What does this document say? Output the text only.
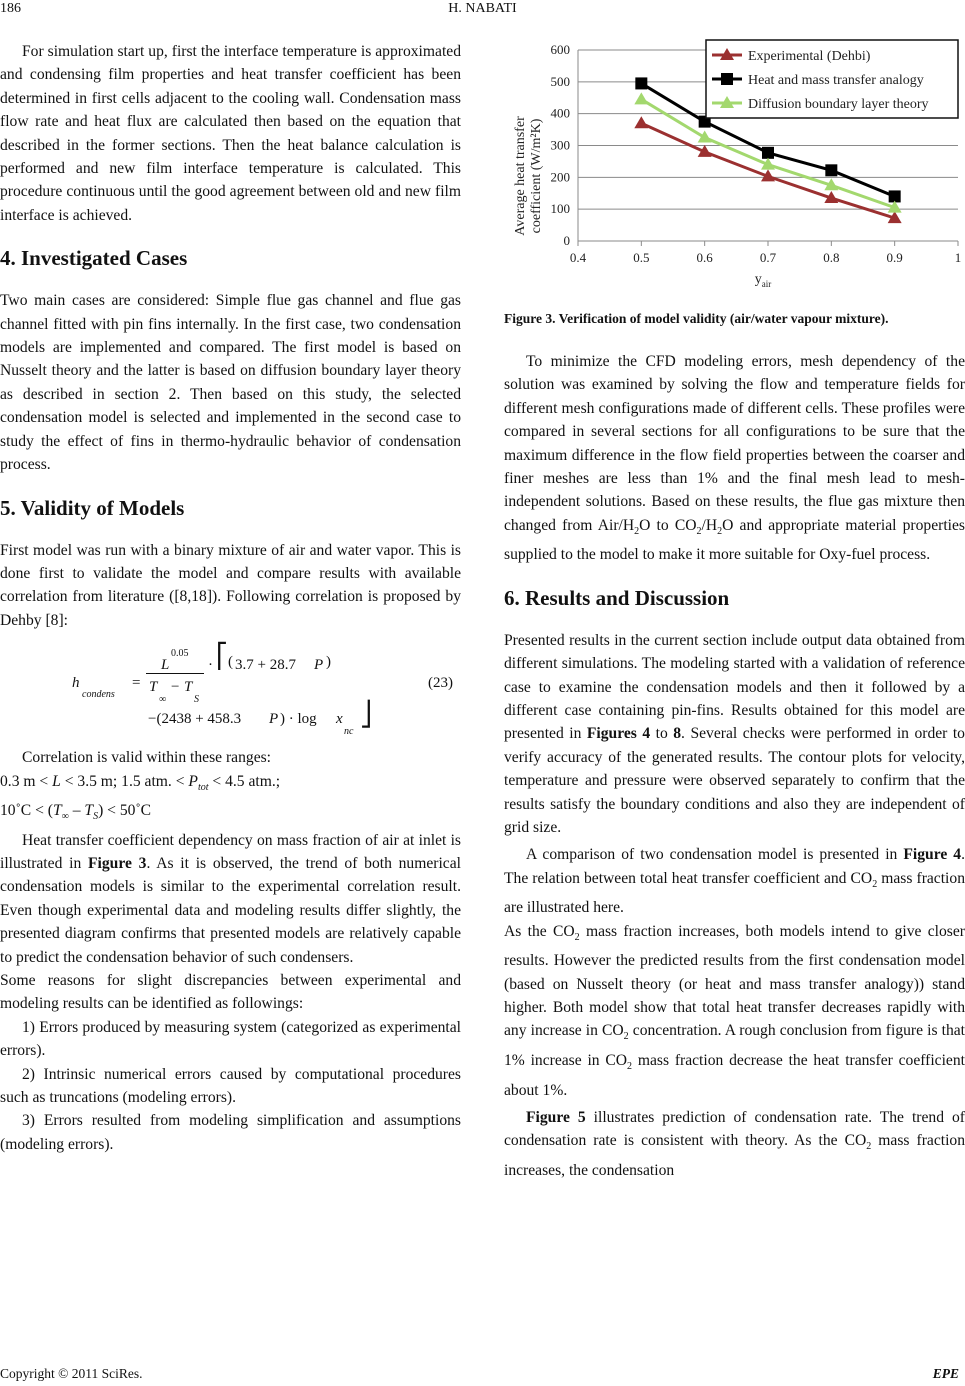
186	H. NABATI

For simulation start up, first the interface temperature is approximated and condensing film properties and heat transfer coefficient has been determined in first cells adjacent to the cooling wall. Condensation mass flow rate and heat flux are calculated then based on the equation that described in the former sections. Then the heat balance calculation is performed and new film interface temperature is calculated. This procedure continuous until the good agreement between old and new film interface is achieved.

4. Investigated Cases

Two main cases are considered: Simple flue gas channel and flue gas channel fitted with pin fins internally. In the first case, two condensation models are implemented and compared. The first model is based on Nusselt theory and the latter is based on diffusion boundary layer theory as described in section 2. Then based on this study, the selected condensation model is selected and implemented in the second case to study the effect of fins in thermo-hydraulic behavior of condensation process.

5. Validity of Models

First model was run with a binary mixture of air and water vapor. This is done first to validate the model and compare results with available correlation from literature ([8,18]). Following correlation is proposed by Dehby [8]:

h
condens
=
L
0.05
T
∞
− T
S
· ⎡ ( 3.7 + 28.7 P )
−(2438 + 458.3 P ) · log x
nc
⎦
(23)

Correlation is valid within these ranges:

0.3 m < L < 3.5 m; 1.5 atm. < $P_{tot} < 4.5$ atm.;

10˚C < $(T_\infty - T_S)$ < 50˚C

Heat transfer coefficient dependency on mass fraction of air at inlet is illustrated in Figure 3. As it is observed, the trend of both numerical condensation models is similar to the experimental correlation result. Even though experimental data and modeling results differ slightly, the presented diagram confirms that presented models are relatively capable to predict the condensation behavior of such condensers.

Some reasons for slight discrepancies between experimental and modeling results can be identified as followings:

1) Errors produced by measuring system (categorized as experimental errors).

2) Intrinsic numerical errors caused by computational procedures such as truncations (modeling errors).

3) Errors resulted from modeling simplification and assumptions (modeling errors).

0
100
200
300
400
500
600
0.4	0.5	0.6	0.7	0.8	0.9	1
Experimental (Dehbi)
Heat and mass transfer analogy
Diffusion boundary layer theory
Average heat transfer coefficient (W/m²K)
$y_{air}$

Figure 3. Verification of model validity (air/water vapour mixture).

To minimize the CFD modeling errors, mesh dependency of the solution was examined by solving the flow and temperature fields for different mesh configurations made of different cells. These profiles were compared in several sections for all configurations to be sure that the maximum difference in the flow field properties between the coarser and finer meshes are less than 1% and the final mesh lead to mesh-independent solutions. Based on these results, the flue gas mixture then changed from Air/$H_2O$ to $CO_2/H_2O$ and appropriate material properties supplied to the model to make it more suitable for Oxy-fuel process.

6. Results and Discussion

Presented results in the current section include output data obtained from different simulations. The modeling started with a validation of reference case to examine the condensation models and then it followed by a different case containing pin-fins. Results obtained for this model are presented in Figures 4 to 8. Several checks were performed in order to verify accuracy of the generated results. The contour plots for velocity, temperature and pressure were observed separately to confirm that the results satisfy the boundary conditions and also they are independent of grid size.

A comparison of two condensation model is presented in Figure 4. The relation between total heat transfer coefficient and $CO_2$ mass fraction are illustrated here.

As the $CO_2$ mass fraction increases, both models intend to give closer results. However the predicted results from the first condensation model (based on Nusselt theory (or heat and mass transfer analogy)) stand higher. Both model show that total heat transfer decreases rapidly with any increase in $CO_2$ concentration. A rough conclusion from figure is that 1% increase in $CO_2$ mass fraction decrease the heat transfer coefficient about 1%.

Figure 5 illustrates prediction of condensation rate. The trend of condensation rate is consistent with theory. As the $CO_2$ mass fraction increases, the condensation

Copyright © 2011 SciRes.	EPE
